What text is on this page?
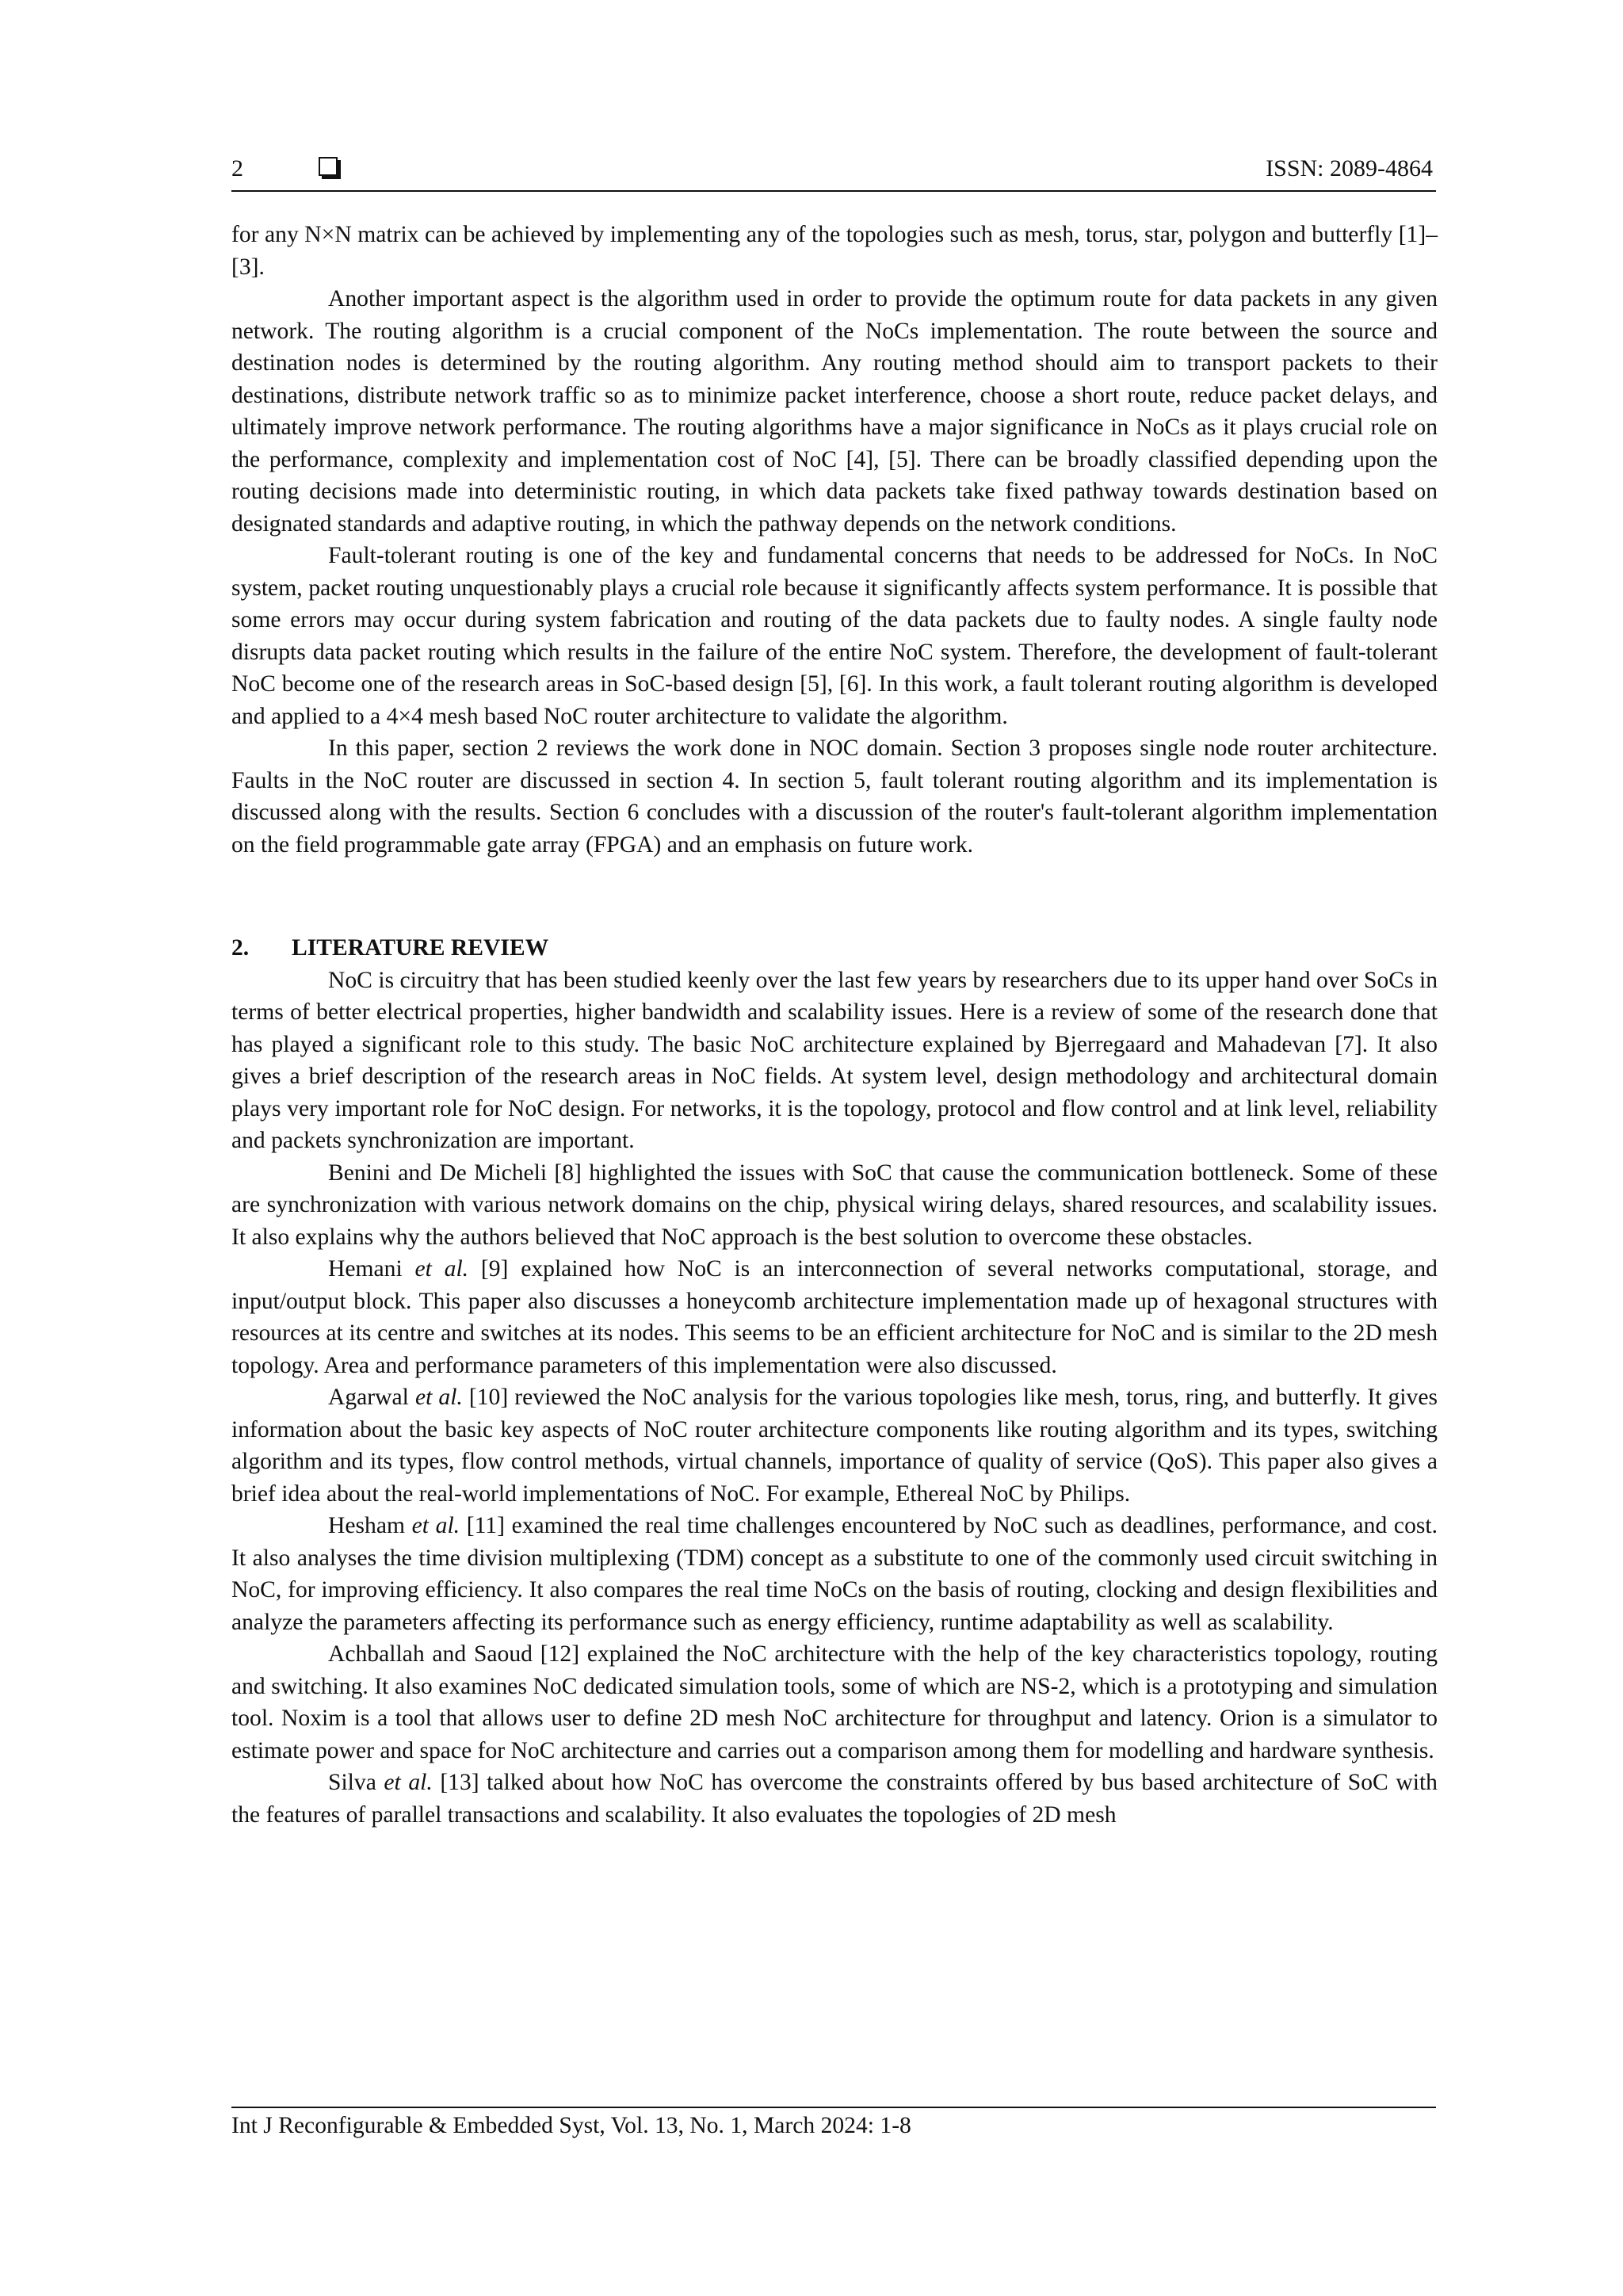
2	ISSN: 2089-4864

for any N×N matrix can be achieved by implementing any of the topologies such as mesh, torus, star, polygon and butterfly [1]–[3].

Another important aspect is the algorithm used in order to provide the optimum route for data packets in any given network. The routing algorithm is a crucial component of the NoCs implementation. The route between the source and destination nodes is determined by the routing algorithm. Any routing method should aim to transport packets to their destinations, distribute network traffic so as to minimize packet interference, choose a short route, reduce packet delays, and ultimately improve network performance. The routing algorithms have a major significance in NoCs as it plays crucial role on the performance, complexity and implementation cost of NoC [4], [5]. There can be broadly classified depending upon the routing decisions made into deterministic routing, in which data packets take fixed pathway towards destination based on designated standards and adaptive routing, in which the pathway depends on the network conditions.

Fault-tolerant routing is one of the key and fundamental concerns that needs to be addressed for NoCs. In NoC system, packet routing unquestionably plays a crucial role because it significantly affects system performance. It is possible that some errors may occur during system fabrication and routing of the data packets due to faulty nodes. A single faulty node disrupts data packet routing which results in the failure of the entire NoC system. Therefore, the development of fault-tolerant NoC become one of the research areas in SoC-based design [5], [6]. In this work, a fault tolerant routing algorithm is developed and applied to a 4×4 mesh based NoC router architecture to validate the algorithm.

In this paper, section 2 reviews the work done in NOC domain. Section 3 proposes single node router architecture. Faults in the NoC router are discussed in section 4. In section 5, fault tolerant routing algorithm and its implementation is discussed along with the results. Section 6 concludes with a discussion of the router's fault-tolerant algorithm implementation on the field programmable gate array (FPGA) and an emphasis on future work.

2. LITERATURE REVIEW

NoC is circuitry that has been studied keenly over the last few years by researchers due to its upper hand over SoCs in terms of better electrical properties, higher bandwidth and scalability issues. Here is a review of some of the research done that has played a significant role to this study. The basic NoC architecture explained by Bjerregaard and Mahadevan [7]. It also gives a brief description of the research areas in NoC fields. At system level, design methodology and architectural domain plays very important role for NoC design. For networks, it is the topology, protocol and flow control and at link level, reliability and packets synchronization are important.

Benini and De Micheli [8] highlighted the issues with SoC that cause the communication bottleneck. Some of these are synchronization with various network domains on the chip, physical wiring delays, shared resources, and scalability issues. It also explains why the authors believed that NoC approach is the best solution to overcome these obstacles.

Hemani et al. [9] explained how NoC is an interconnection of several networks computational, storage, and input/output block. This paper also discusses a honeycomb architecture implementation made up of hexagonal structures with resources at its centre and switches at its nodes. This seems to be an efficient architecture for NoC and is similar to the 2D mesh topology. Area and performance parameters of this implementation were also discussed.

Agarwal et al. [10] reviewed the NoC analysis for the various topologies like mesh, torus, ring, and butterfly. It gives information about the basic key aspects of NoC router architecture components like routing algorithm and its types, switching algorithm and its types, flow control methods, virtual channels, importance of quality of service (QoS). This paper also gives a brief idea about the real-world implementations of NoC. For example, Ethereal NoC by Philips.

Hesham et al. [11] examined the real time challenges encountered by NoC such as deadlines, performance, and cost. It also analyses the time division multiplexing (TDM) concept as a substitute to one of the commonly used circuit switching in NoC, for improving efficiency. It also compares the real time NoCs on the basis of routing, clocking and design flexibilities and analyze the parameters affecting its performance such as energy efficiency, runtime adaptability as well as scalability.

Achballah and Saoud [12] explained the NoC architecture with the help of the key characteristics topology, routing and switching. It also examines NoC dedicated simulation tools, some of which are NS-2, which is a prototyping and simulation tool. Noxim is a tool that allows user to define 2D mesh NoC architecture for throughput and latency. Orion is a simulator to estimate power and space for NoC architecture and carries out a comparison among them for modelling and hardware synthesis.

Silva et al. [13] talked about how NoC has overcome the constraints offered by bus based architecture of SoC with the features of parallel transactions and scalability. It also evaluates the topologies of 2D mesh

Int J Reconfigurable & Embedded Syst, Vol. 13, No. 1, March 2024: 1-8
